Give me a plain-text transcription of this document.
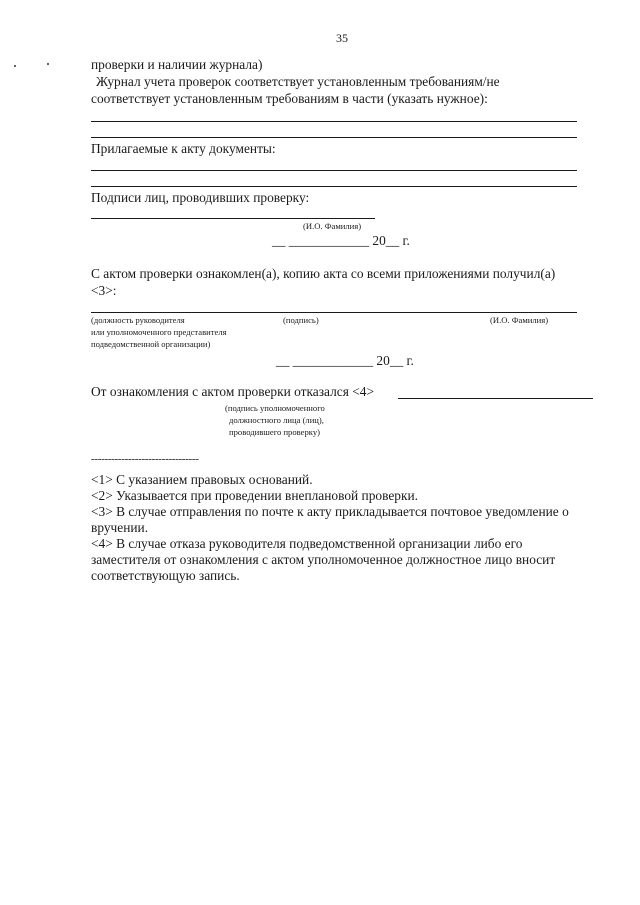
35
проверки и наличии журнала)
Журнал учета проверок соответствует установленным требованиям/не
соответствует установленным требованиям в части (указать нужное):
Прилагаемые к акту документы:
Подписи лиц, проводивших проверку:
(И.О. Фамилия)
__ ____________ 20__ г.
С актом проверки ознакомлен(а), копию акта со всеми приложениями получил(а)
<3>:
(должность руководителя
или уполномоченного представителя
подведомственной организации)
(подпись)	(И.О. Фамилия)
__ ____________ 20__ г.
От ознакомления с актом проверки отказался <4>
(подпись уполномоченного
должностного лица (лиц),
проводившего проверку)
--------------------------------
<1> С указанием правовых оснований.
<2> Указывается при проведении внеплановой проверки.
<3> В случае отправления по почте к акту прикладывается почтовое уведомление о
вручении.
<4> В случае отказа руководителя подведомственной организации либо его
заместителя от ознакомления с актом уполномоченное должностное лицо вносит
соответствующую запись.
